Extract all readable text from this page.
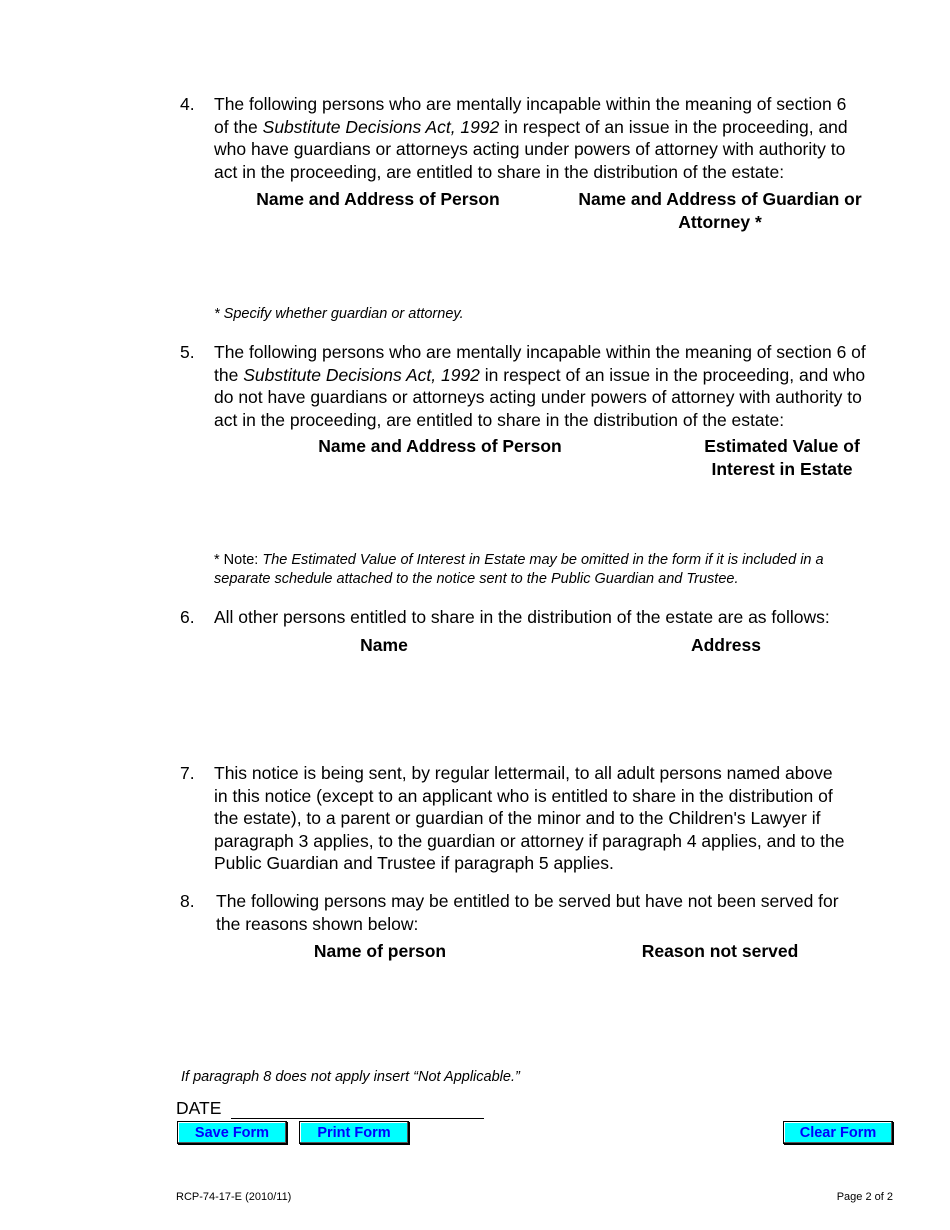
4.	The following persons who are mentally incapable within the meaning of section 6
of the Substitute Decisions Act, 1992 in respect of an issue in the proceeding, and
who have guardians or attorneys acting under powers of attorney with authority to
act in the proceeding, are entitled to share in the distribution of the estate:
Name and Address of Person	Name and Address of Guardian or
Attorney *
* Specify whether guardian or attorney.
5.	The following persons who are mentally incapable within the meaning of section 6 of
the Substitute Decisions Act, 1992 in respect of an issue in the proceeding, and who
do not have guardians or attorneys acting under powers of attorney with authority to
act in the proceeding, are entitled to share in the distribution of the estate:
Name and Address of Person	Estimated Value of
Interest in Estate
* Note: The Estimated Value of Interest in Estate may be omitted in the form if it is included in a
separate schedule attached to the notice sent to the Public Guardian and Trustee.
6.	All other persons entitled to share in the distribution of the estate are as follows:
Name	Address
7.	This notice is being sent, by regular lettermail, to all adult persons named above
in this notice (except to an applicant who is entitled to share in the distribution of
the estate), to a parent or guardian of the minor and to the Children's Lawyer if
paragraph 3 applies, to the guardian or attorney if paragraph 4 applies, and to the
Public Guardian and Trustee if paragraph 5 applies.
8.	The following persons may be entitled to be served but have not been served for
the reasons shown below:
Name of person	Reason not served
If paragraph 8 does not apply insert “Not Applicable.”
DATE
Save Form	Print Form	Clear Form
RCP-74-17-E (2010/11)	Page 2 of 2
